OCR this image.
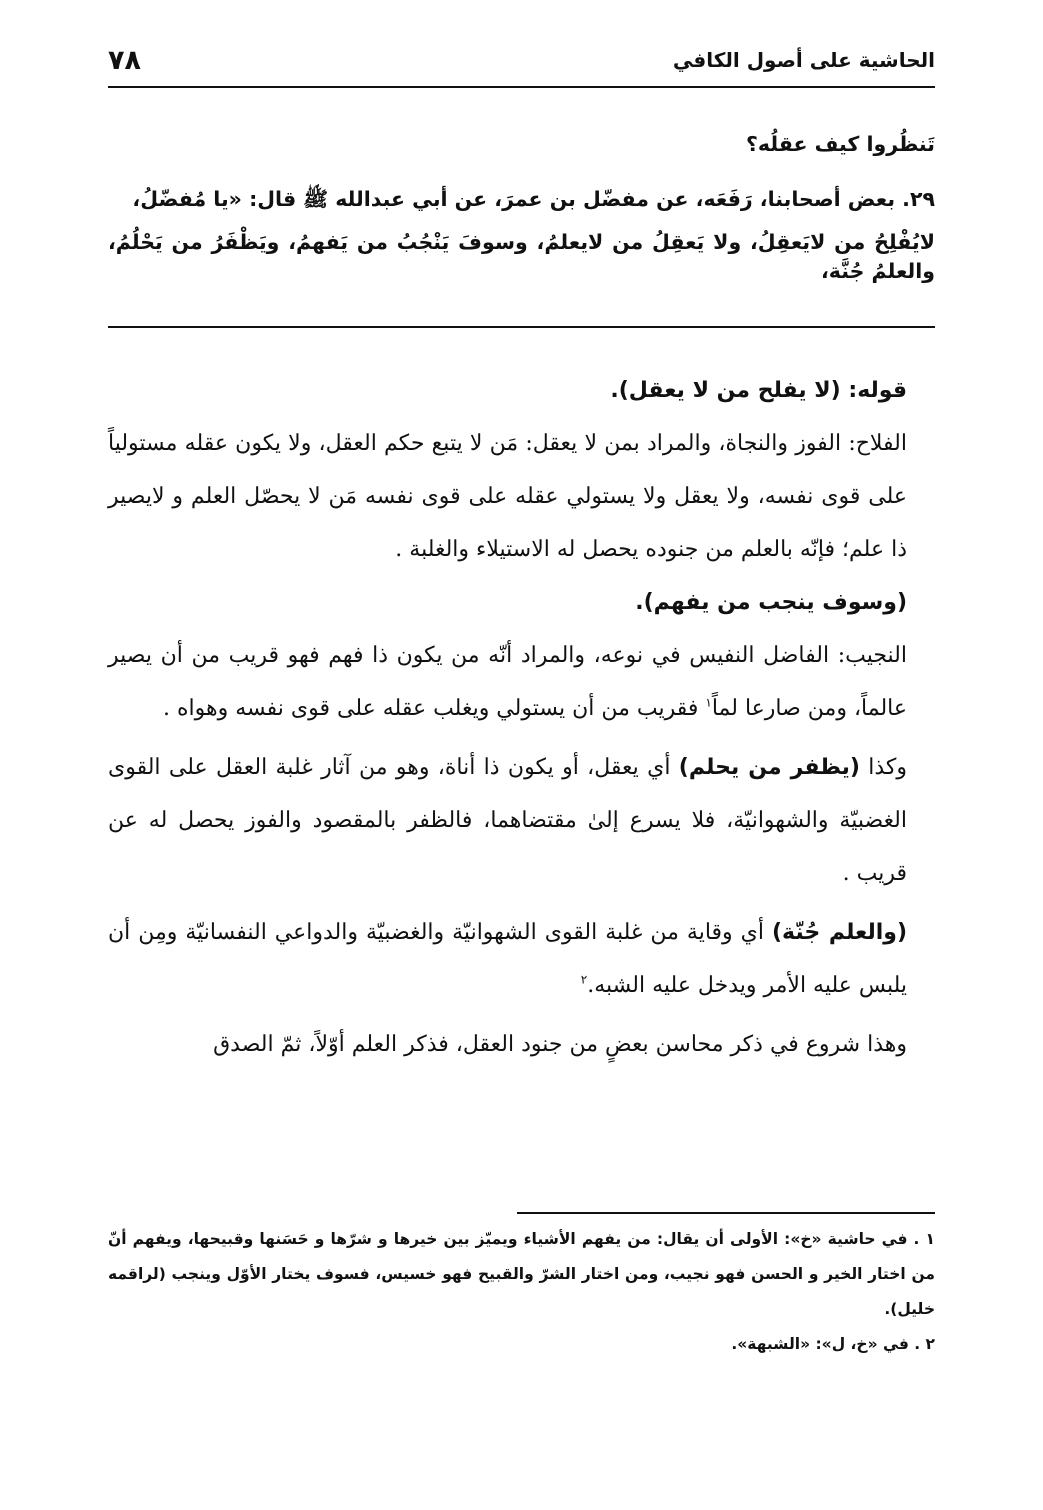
الحاشية على أصول الكافي
٧٨

تَنظُروا كيف عقلُه؟

٢٩. بعض أصحابنا، رَفَعَه، عن مفضّل بن عمرَ، عن أبي عبدالله ﷺ قال: «يا مُفضّلُ،

لايُفْلِحُ من لايَعقِلُ، ولا يَعقِلُ من لايعلمُ، وسوفَ يَنْجُبُ من يَفهمُ، ويَظْفَرُ من يَحْلُمُ، والعلمُ جُنَّة،

قوله: (لا يفلح من لا يعقل).

الفلاح: الفوز والنجاة، والمراد بمن لا يعقل: مَن لا يتبع حكم العقل، ولا يكون عقله مستولياً على قوى نفسه، ولا يعقل ولا يستولي عقله على قوى نفسه مَن لا يحصّل العلم و لايصير ذا علم؛ فإنّه بالعلم من جنوده يحصل له الاستيلاء والغلبة .

(وسوف ينجب من يفهم).

النجيب: الفاضل النفيس في نوعه، والمراد أنّه من يكون ذا فهم فهو قريب من أن يصير عالماً، ومن صارعا لماً$^١$ فقريب من أن يستولي ويغلب عقله على قوى نفسه وهواه .

وكذا (يظفر من يحلم) أي يعقل، أو يكون ذا أناة، وهو من آثار غلبة العقل على القوى الغضبيّة والشهوانيّة، فلا يسرع إلىٰ مقتضاهما، فالظفر بالمقصود والفوز يحصل له عن قريب .

(والعلم جُنّة) أي وقاية من غلبة القوى الشهوانيّة والغضبيّة والدواعي النفسانيّة ومِن أن يلبس عليه الأمر ويدخل عليه الشبه.$^٢$

وهذا شروع في ذكر محاسن بعضٍ من جنود العقل، فذكر العلم أوّلاً، ثمّ الصدق

١ . في حاشية «خ»: الأولى أن يقال: من يفهم الأشياء ويميّز بين خيرها و شرّها و حَسَنها وقبيحها، ويفهم أنّ من اختار الخير و الحسن فهو نجيب، ومن اختار الشرّ والقبيح فهو خسيس، فسوف يختار الأوّل وينجب (لراقمه خليل).

٢ . في «خ، ل»: «الشبهة».
